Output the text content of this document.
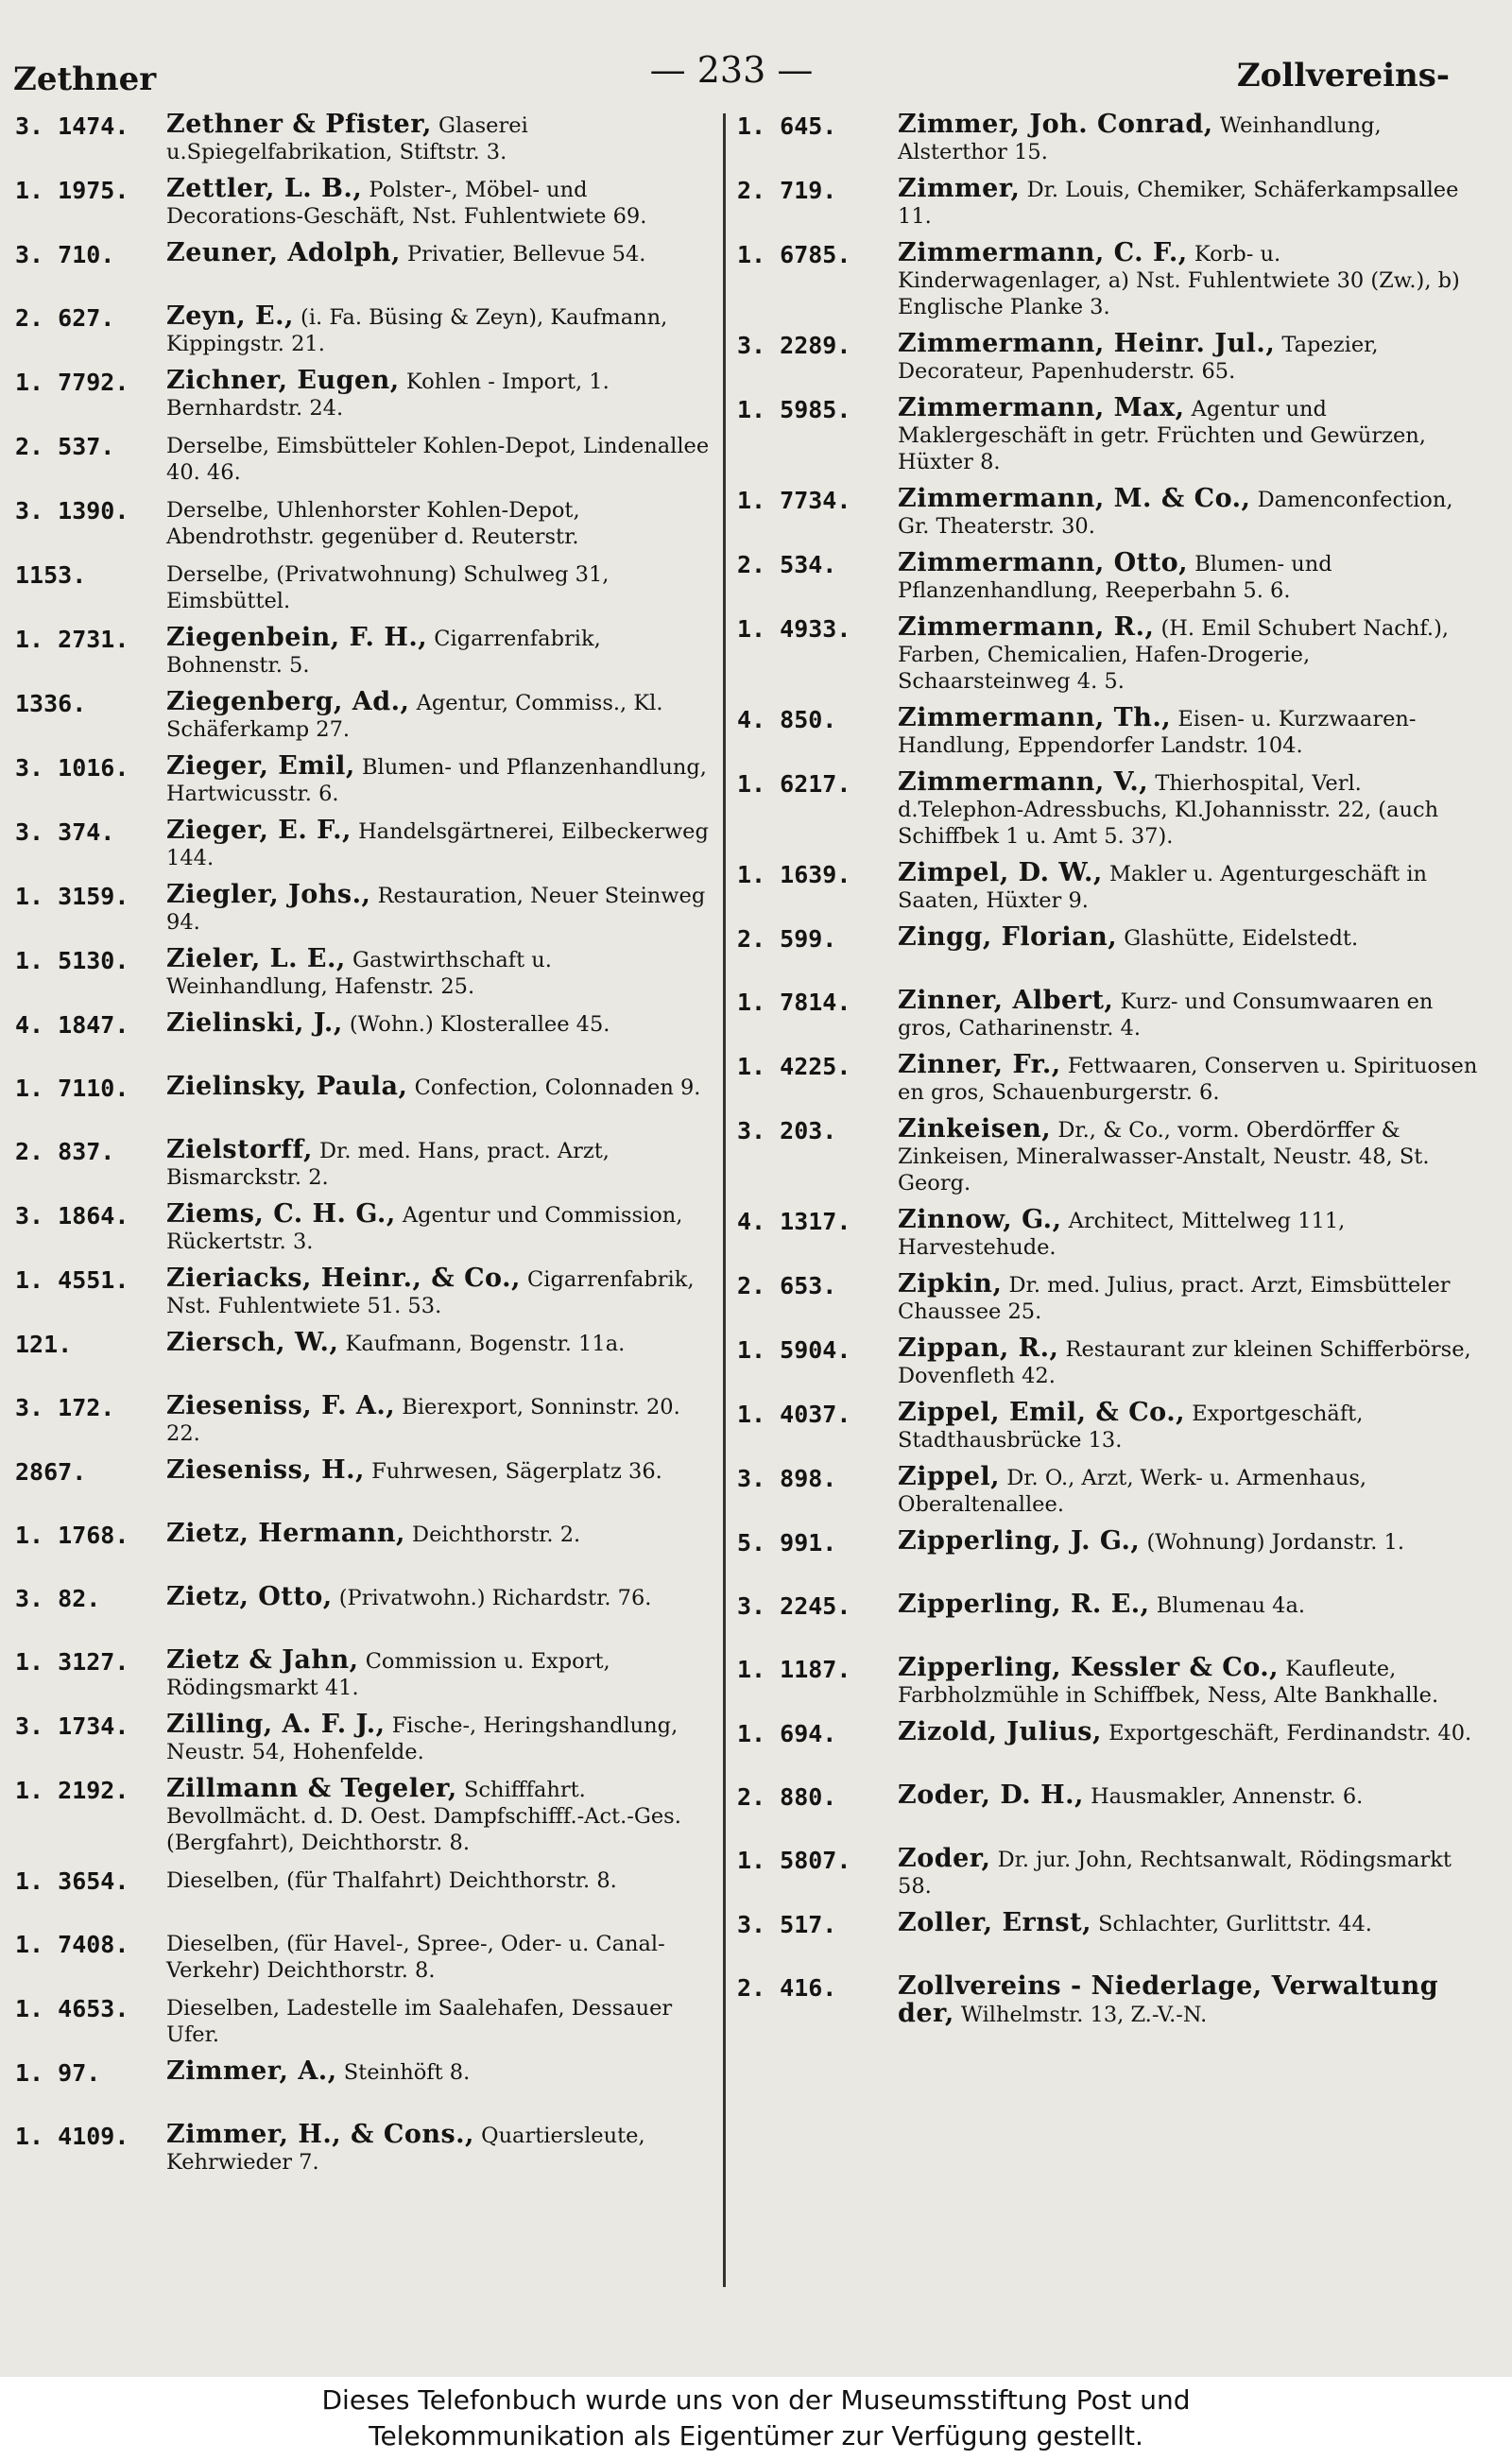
Zethner	— 233 —	Zollvereins-
3. 1474.	Zethner & Pfister, Glaserei u.Spiegelfabrikation, Stiftstr. 3.
1. 1975.	Zettler, L. B., Polster-, Möbel- und Decorations-Geschäft, Nst. Fuhlentwiete 69.
3. 710.	Zeuner, Adolph, Privatier, Bellevue 54.
2. 627.	Zeyn, E., (i. Fa. Büsing & Zeyn), Kaufmann, Kippingstr. 21.
1. 7792.	Zichner, Eugen, Kohlen - Import, 1. Bernhardstr. 24.
2. 537.	Derselbe, Eimsbütteler Kohlen-Depot, Lindenallee 40. 46.
3. 1390.	Derselbe, Uhlenhorster Kohlen-Depot, Abendrothstr. gegenüber d. Reuterstr.
1153.	Derselbe, (Privatwohnung) Schulweg 31, Eimsbüttel.
1. 2731.	Ziegenbein, F. H., Cigarrenfabrik, Bohnenstr. 5.
1336.	Ziegenberg, Ad., Agentur, Commiss., Kl. Schäferkamp 27.
3. 1016.	Zieger, Emil, Blumen- und Pflanzenhandlung, Hartwicusstr. 6.
3. 374.	Zieger, E. F., Handelsgärtnerei, Eilbeckerweg 144.
1. 3159.	Ziegler, Johs., Restauration, Neuer Steinweg 94.
1. 5130.	Zieler, L. E., Gastwirthschaft u. Weinhandlung, Hafenstr. 25.
4. 1847.	Zielinski, J., (Wohn.) Klosterallee 45.
1. 7110.	Zielinsky, Paula, Confection, Colonnaden 9.
2. 837.	Zielstorff, Dr. med. Hans, pract. Arzt, Bismarckstr. 2.
3. 1864.	Ziems, C. H. G., Agentur und Commission, Rückertstr. 3.
1. 4551.	Zieriacks, Heinr., & Co., Cigarrenfabrik, Nst. Fuhlentwiete 51. 53.
121.	Ziersch, W., Kaufmann, Bogenstr. 11a.
3. 172.	Zieseniss, F. A., Bierexport, Sonninstr. 20. 22.
2867.	Zieseniss, H., Fuhrwesen, Sägerplatz 36.
1. 1768.	Zietz, Hermann, Deichthorstr. 2.
3. 82.	Zietz, Otto, (Privatwohn.) Richardstr. 76.
1. 3127.	Zietz & Jahn, Commission u. Export, Rödingsmarkt 41.
3. 1734.	Zilling, A. F. J., Fische-, Heringshandlung, Neustr. 54, Hohenfelde.
1. 2192.	Zillmann & Tegeler, Schifffahrt. Bevollmächt. d. D. Oest. Dampfschifff.-Act.-Ges. (Bergfahrt), Deichthorstr. 8.
1. 3654.	Dieselben, (für Thalfahrt) Deichthorstr. 8.
1. 7408.	Dieselben, (für Havel-, Spree-, Oder- u. Canal-Verkehr) Deichthorstr. 8.
1. 4653.	Dieselben, Ladestelle im Saalehafen, Dessauer Ufer.
1. 97.	Zimmer, A., Steinhöft 8.
1. 4109.	Zimmer, H., & Cons., Quartiersleute, Kehrwieder 7.
1. 645.	Zimmer, Joh. Conrad, Weinhandlung, Alsterthor 15.
2. 719.	Zimmer, Dr. Louis, Chemiker, Schäferkampsallee 11.
1. 6785.	Zimmermann, C. F., Korb- u. Kinderwagenlager, a) Nst. Fuhlentwiete 30 (Zw.), b) Englische Planke 3.
3. 2289.	Zimmermann, Heinr. Jul., Tapezier, Decorateur, Papenhuderstr. 65.
1. 5985.	Zimmermann, Max, Agentur und Maklergeschäft in getr. Früchten und Gewürzen, Hüxter 8.
1. 7734.	Zimmermann, M. & Co., Damenconfection, Gr. Theaterstr. 30.
2. 534.	Zimmermann, Otto, Blumen- und Pflanzenhandlung, Reeperbahn 5. 6.
1. 4933.	Zimmermann, R., (H. Emil Schubert Nachf.), Farben, Chemicalien, Hafen-Drogerie, Schaarsteinweg 4. 5.
4. 850.	Zimmermann, Th., Eisen- u. Kurzwaaren-Handlung, Eppendorfer Landstr. 104.
1. 6217.	Zimmermann, V., Thierhospital, Verl. d.Telephon-Adressbuchs, Kl.Johannisstr. 22, (auch Schiffbek 1 u. Amt 5. 37).
1. 1639.	Zimpel, D. W., Makler u. Agenturgeschäft in Saaten, Hüxter 9.
2. 599.	Zingg, Florian, Glashütte, Eidelstedt.
1. 7814.	Zinner, Albert, Kurz- und Consumwaaren en gros, Catharinenstr. 4.
1. 4225.	Zinner, Fr., Fettwaaren, Conserven u. Spirituosen en gros, Schauenburgerstr. 6.
3. 203.	Zinkeisen, Dr., & Co., vorm. Oberdörffer & Zinkeisen, Mineralwasser-Anstalt, Neustr. 48, St. Georg.
4. 1317.	Zinnow, G., Architect, Mittelweg 111, Harvestehude.
2. 653.	Zipkin, Dr. med. Julius, pract. Arzt, Eimsbütteler Chaussee 25.
1. 5904.	Zippan, R., Restaurant zur kleinen Schifferbörse, Dovenfleth 42.
1. 4037.	Zippel, Emil, & Co., Exportgeschäft, Stadthausbrücke 13.
3. 898.	Zippel, Dr. O., Arzt, Werk- u. Armenhaus, Oberaltenallee.
5. 991.	Zipperling, J. G., (Wohnung) Jordanstr. 1.
3. 2245.	Zipperling, R. E., Blumenau 4a.
1. 1187.	Zipperling, Kessler & Co., Kaufleute, Farbholzmühle in Schiffbek, Ness, Alte Bankhalle.
1. 694.	Zizold, Julius, Exportgeschäft, Ferdinandstr. 40.
2. 880.	Zoder, D. H., Hausmakler, Annenstr. 6.
1. 5807.	Zoder, Dr. jur. John, Rechtsanwalt, Rödingsmarkt 58.
3. 517.	Zoller, Ernst, Schlachter, Gurlittstr. 44.
2. 416.	Zollvereins - Niederlage, Verwaltung der, Wilhelmstr. 13, Z.-V.-N.
Dieses Telefonbuch wurde uns von der Museumsstiftung Post und
Telekommunikation als Eigentümer zur Verfügung gestellt.
